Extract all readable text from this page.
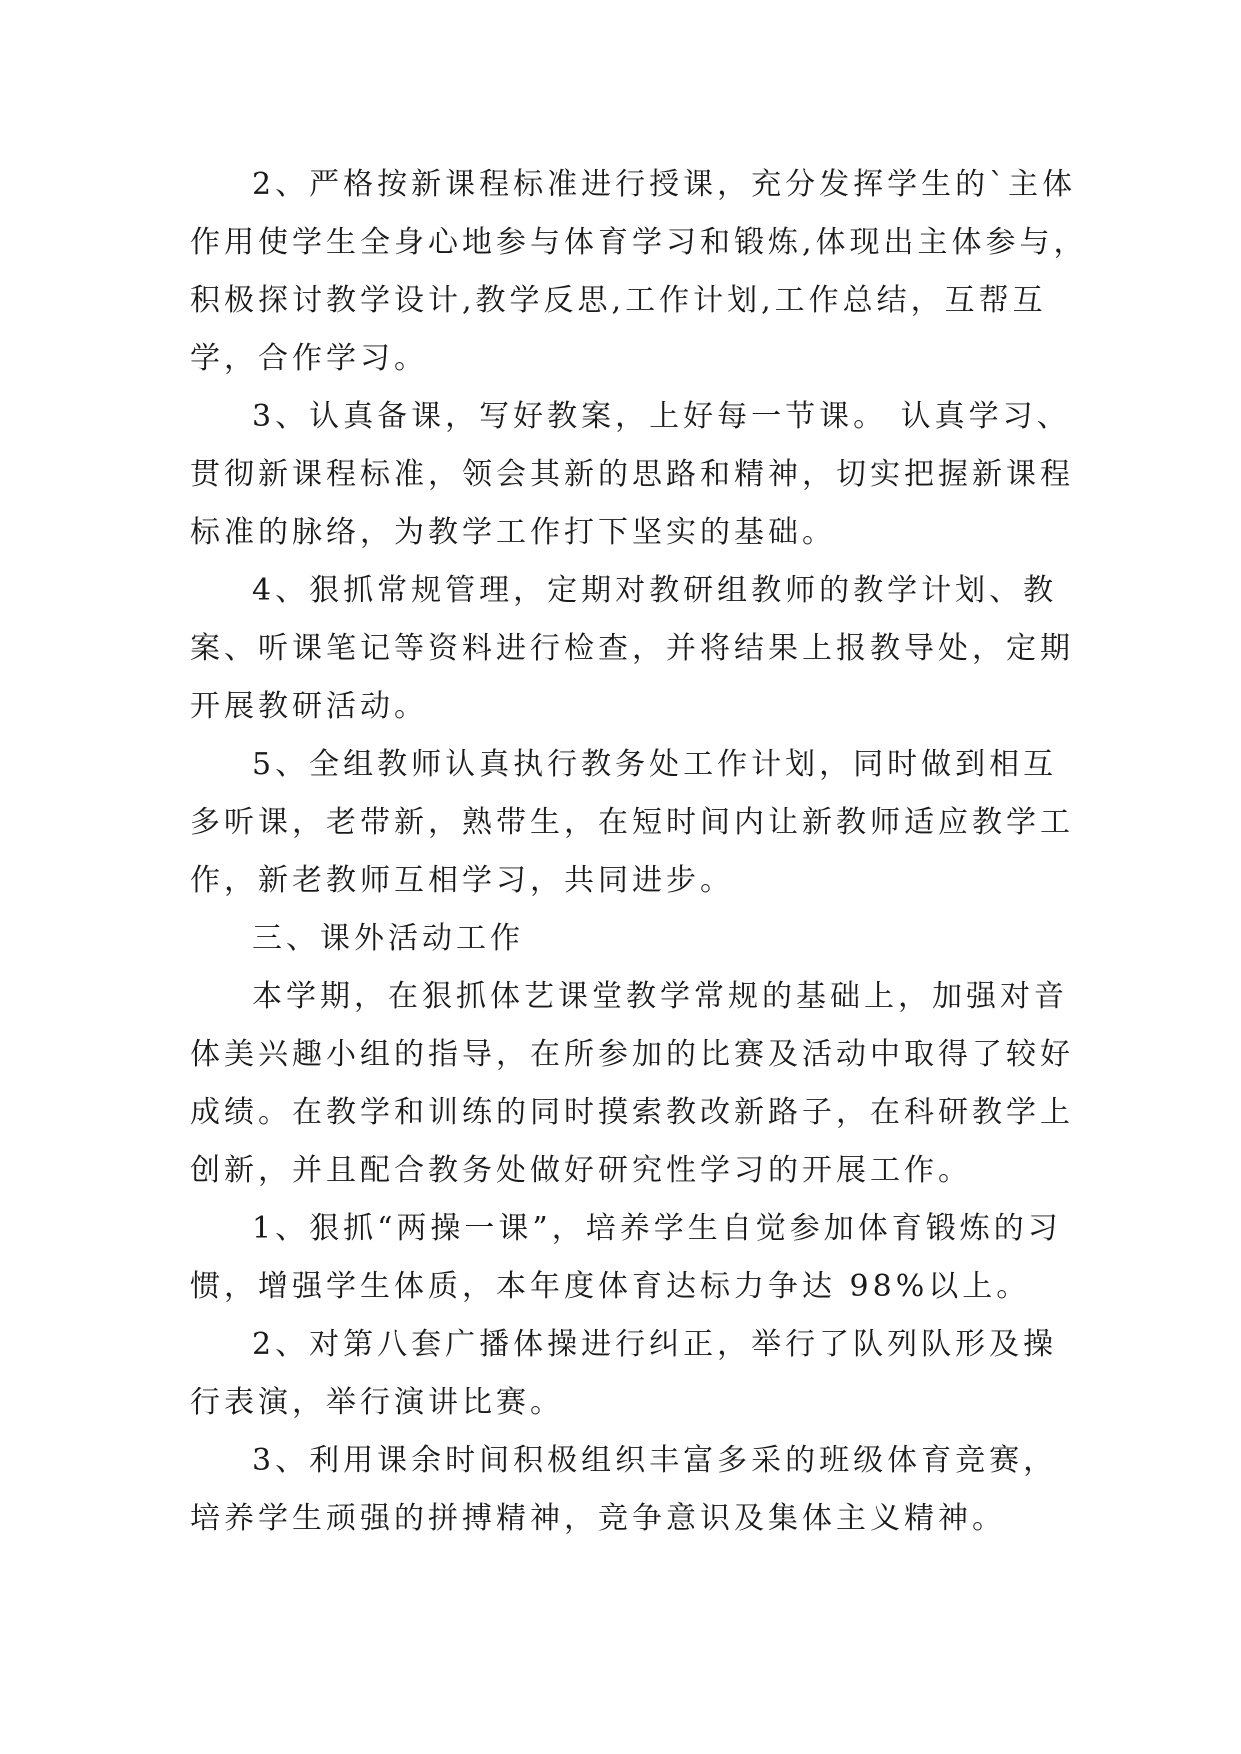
2、严格按新课程标准进行授课，充分发挥学生的`主体
作用使学生全身心地参与体育学习和锻炼,体现出主体参与，
积极探讨教学设计,教学反思,工作计划,工作总结，互帮互
学，合作学习。

3、认真备课，写好教案，上好每一节课。 认真学习、
贯彻新课程标准，领会其新的思路和精神，切实把握新课程
标准的脉络，为教学工作打下坚实的基础。

4、狠抓常规管理，定期对教研组教师的教学计划、教
案、听课笔记等资料进行检查，并将结果上报教导处，定期
开展教研活动。

5、全组教师认真执行教务处工作计划，同时做到相互
多听课，老带新，熟带生，在短时间内让新教师适应教学工
作，新老教师互相学习，共同进步。

三、课外活动工作

本学期，在狠抓体艺课堂教学常规的基础上，加强对音
体美兴趣小组的指导，在所参加的比赛及活动中取得了较好
成绩。在教学和训练的同时摸索教改新路子，在科研教学上
创新，并且配合教务处做好研究性学习的开展工作。

1、狠抓“两操一课”，培养学生自觉参加体育锻炼的习
惯，增强学生体质，本年度体育达标力争达 98%以上。

2、对第八套广播体操进行纠正，举行了队列队形及操
行表演，举行演讲比赛。

3、利用课余时间积极组织丰富多采的班级体育竞赛，
培养学生顽强的拼搏精神，竞争意识及集体主义精神。
